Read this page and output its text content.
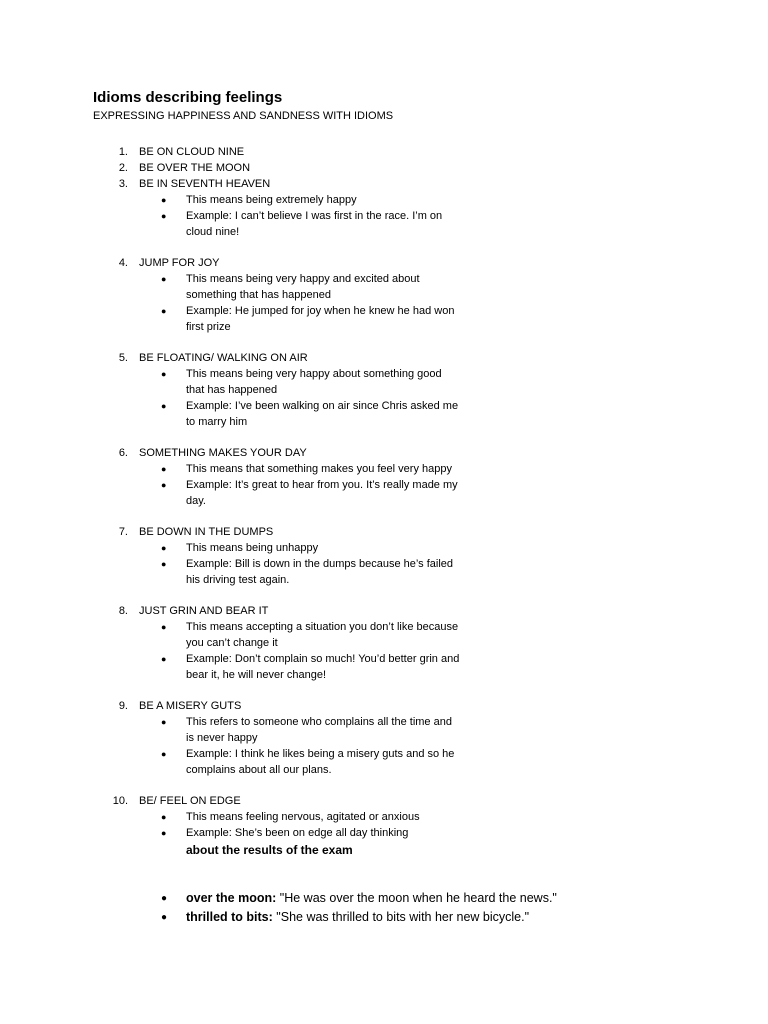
Idioms describing feelings
EXPRESSING HAPPINESS AND SANDNESS WITH IDIOMS
1. BE ON CLOUD NINE
2. BE OVER THE MOON
3. BE IN SEVENTH HEAVEN
● This means being extremely happy
● Example: I can’t believe I was first in the race. I’m on cloud nine!
4. JUMP FOR JOY
● This means being very happy and excited about something that has happened
● Example: He jumped for joy when he knew he had won first prize
5. BE FLOATING/ WALKING ON AIR
● This means being very happy about something good that has happened
● Example: I’ve been walking on air since Chris asked me to marry him
6. SOMETHING MAKES YOUR DAY
● This means that something makes you feel very happy
● Example: It’s great to hear from you. It’s really made my day.
7. BE DOWN IN THE DUMPS
● This means being unhappy
● Example: Bill is down in the dumps because he’s failed his driving test again.
8. JUST GRIN AND BEAR IT
● This means accepting a situation you don’t like because you can’t change it
● Example: Don’t complain so much! You’d better grin and bear it, he will never change!
9. BE A MISERY GUTS
● This refers to someone who complains all the time and is never happy
● Example: I think he likes being a misery guts and so he complains about all our plans.
10. BE/ FEEL ON EDGE
● This means feeling nervous, agitated or anxious
● Example: She’s been on edge all day thinking
about the results of the exam
● over the moon: "He was over the moon when he heard the news."
● thrilled to bits: "She was thrilled to bits with her new bicycle."
